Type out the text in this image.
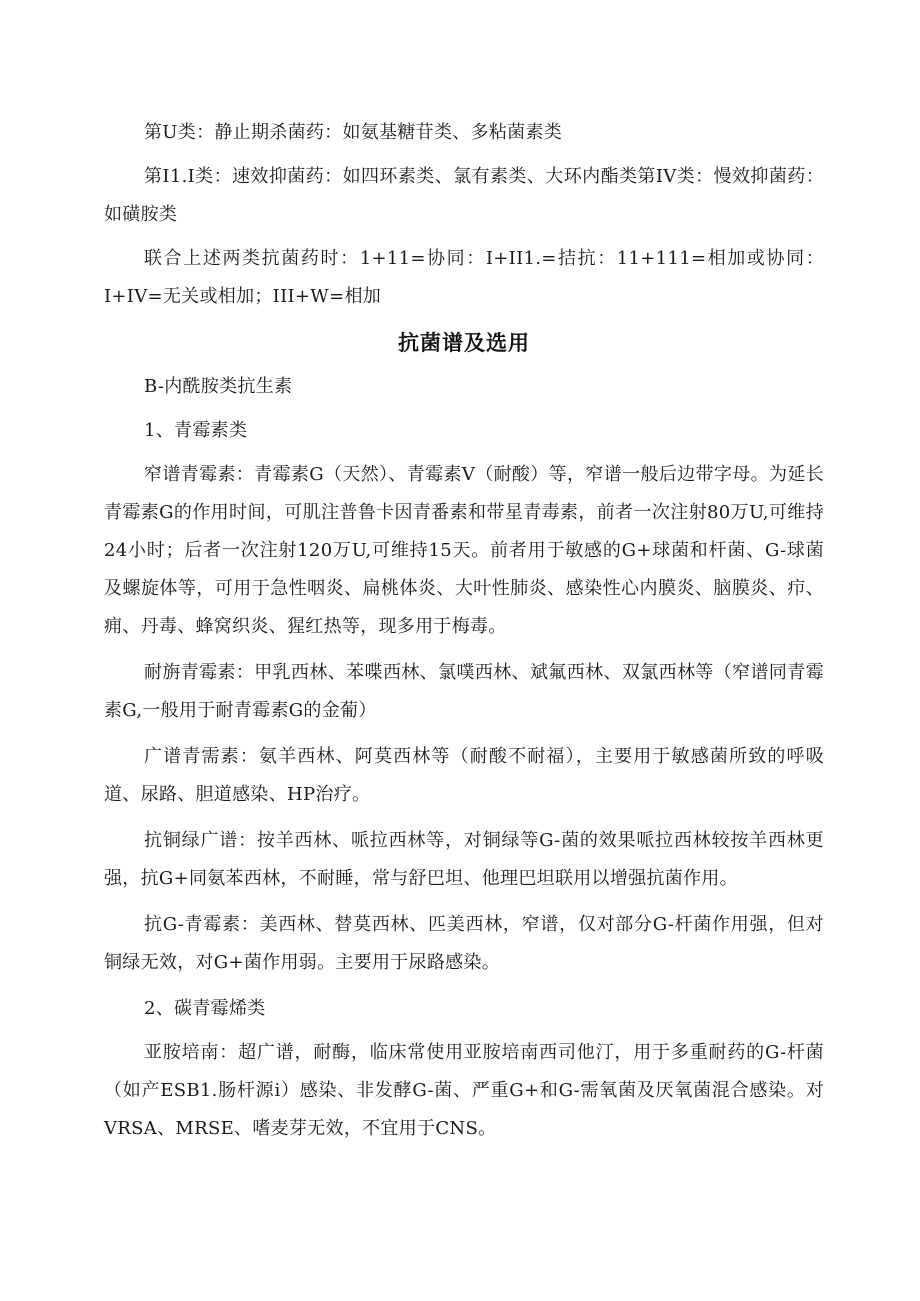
第U类：静止期杀菌药：如氨基糖苷类、多粘菌素类

第I1.I类：速效抑菌药：如四环素类、氯有素类、大环内酯类第IV类：慢效抑菌药：如磺胺类

联合上述两类抗菌药时：1+11=协同：I+II1.=拮抗：11+111=相加或协同：I+IV=无关或相加；III+W=相加

抗菌谱及选用

B-内酰胺类抗生素

1、青霉素类

窄谱青霉素：青霉素G（天然）、青霉素V（耐酸）等，窄谱一般后边带字母。为延长青霉素G的作用时间，可肌注普鲁卡因青番素和带星青毒素，前者一次注射80万U,可维持24小时；后者一次注射120万U,可维持15天。前者用于敏感的G+球菌和杆菌、G-球菌及螺旋体等，可用于急性咽炎、扁桃体炎、大叶性肺炎、感染性心内膜炎、脑膜炎、疖、痈、丹毒、蜂窝织炎、猩红热等，现多用于梅毒。

耐旃青霉素：甲乳西林、苯喋西林、氯噗西林、斌氟西林、双氯西林等（窄谱同青霉素G,一般用于耐青霉素G的金葡）

广谱青需素：氨羊西林、阿莫西林等（耐酸不耐福），主要用于敏感菌所致的呼吸道、尿路、胆道感染、HP治疗。

抗铜绿广谱：按羊西林、哌拉西林等，对铜绿等G-菌的效果哌拉西林较按羊西林更强，抗G+同氨苯西林，不耐睡，常与舒巴坦、他理巴坦联用以增强抗菌作用。

抗G-青霉素：美西林、替莫西林、匹美西林，窄谱，仅对部分G-杆菌作用强，但对铜绿无效，对G+菌作用弱。主要用于尿路感染。

2、碳青霉烯类

亚胺培南：超广谱，耐酶，临床常使用亚胺培南西司他汀，用于多重耐药的G-杆菌（如产ESB1.肠杆源i）感染、非发酵G-菌、严重G+和G-需氧菌及厌氧菌混合感染。对VRSA、MRSE、嗜麦芽无效，不宜用于CNS。
